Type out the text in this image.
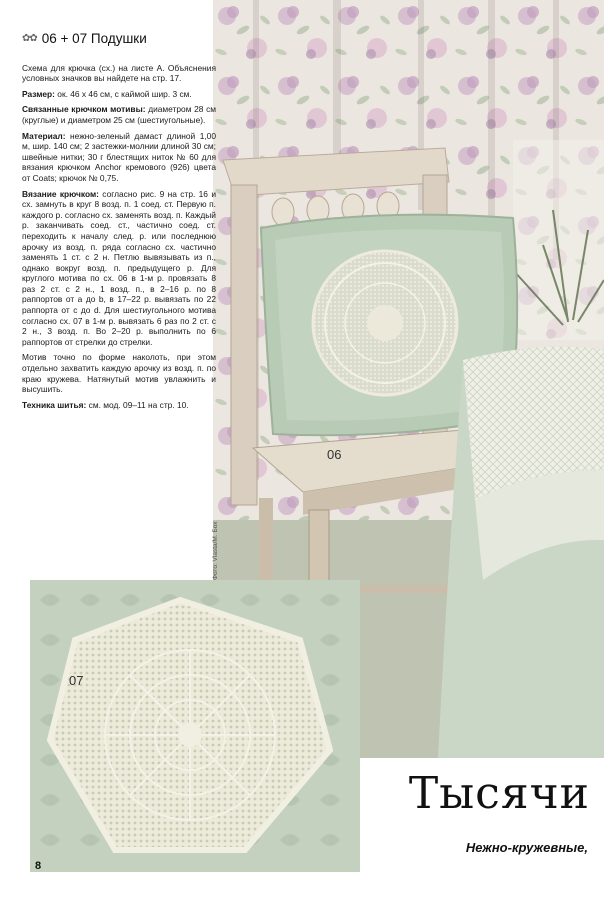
✿✿ 06 + 07 Подушки

Схема для крючка (сх.) на листе А. Объяснения условных значков вы найдете на стр. 17.

Размер: ок. 46 х 46 см, с каймой шир. 3 см.

Связанные крючком мотивы: диаметром 28 см (круглые) и диаметром 25 см (шестиугольные).

Материал: нежно-зеленый дамаст длиной 1,00 м, шир. 140 см; 2 застежки-молнии длиной 30 см; швейные нитки; 30 г блестящих ниток № 60 для вязания крючком Anchor кремового (926) цвета от Coats; крючок № 0,75.

Вязание крючком: согласно рис. 9 на стр. 16 и сх. замнуть в круг 8 возд. п. 1 соед. ст. Первую п. каждого р. согласно сх. заменять возд. п. Каждый р. заканчивать соед. ст., частично соед. ст. переходить к началу след. р. или последнюю арочку из возд. п. ряда согласно сх. частично заменять 1 ст. с 2 н. Петлю вывязывать из п., однако вокруг возд. п. предыдущего р. Для круглого мотива по сх. 06 в 1-м р. провязать 8 раз 2 ст. с 2 н., 1 возд. п., в 2–16 р. по 8 раппортов от а до b, в 17–22 р. вывязать по 22 раппорта от c до d. Для шестиугольного мотива согласно сх. 07 в 1-м р. вывязать 6 раз по 2 ст. с 2 н., 3 возд. п. Во 2–20 р. выполнить по 6 раппортов от стрелки до стрелки.

Мотив точно по форме наколоть, при этом отдельно захватить каждую арочку из возд. п. по краю кружева. Натянутый мотив увлажнить и высушить.

Техника шитья: см. мод. 09–11 на стр. 10.

Фото: Vlasta/M. Бох
06
07
Тысячи
Нежно-кружевные,
8
